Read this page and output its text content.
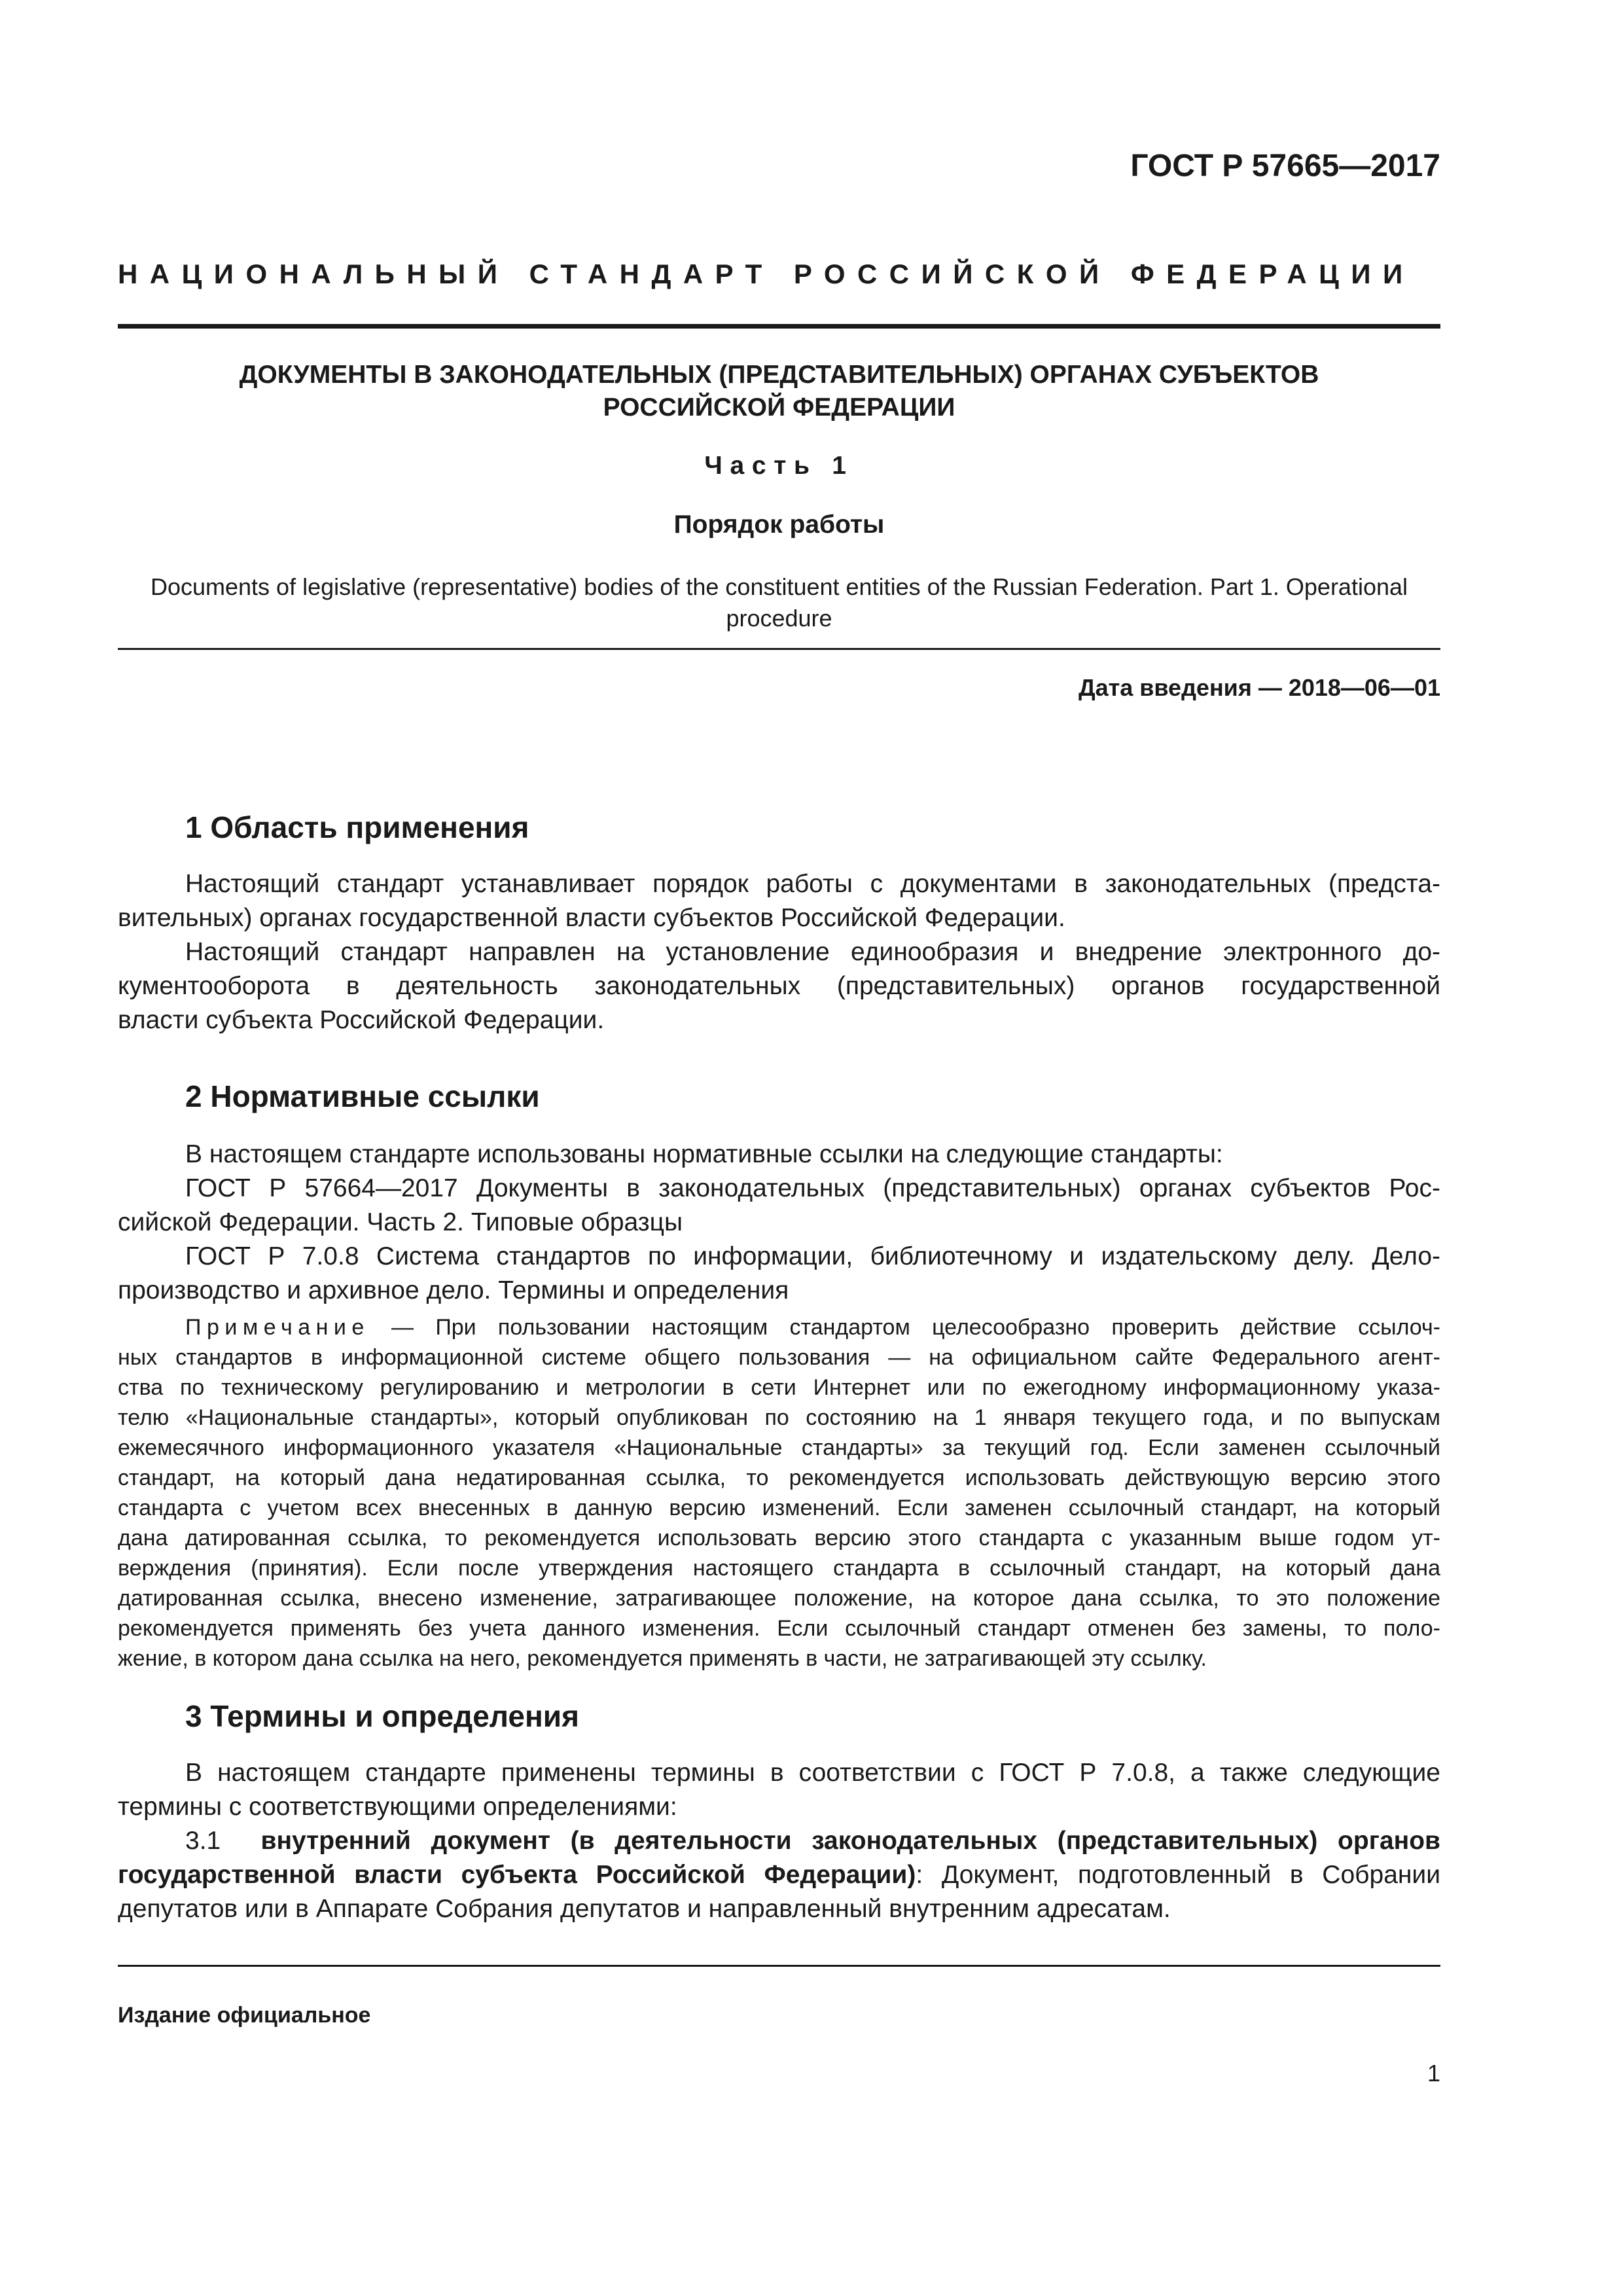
ГОСТ Р 57665—2017
НАЦИОНАЛЬНЫЙ СТАНДАРТ РОССИЙСКОЙ ФЕДЕРАЦИИ
ДОКУМЕНТЫ В ЗАКОНОДАТЕЛЬНЫХ (ПРЕДСТАВИТЕЛЬНЫХ) ОРГАНАХ СУБЪЕКТОВ
РОССИЙСКОЙ ФЕДЕРАЦИИ
Часть 1
Порядок работы
Documents of legislative (representative) bodies of the constituent entities of the Russian Federation. Part 1. Operational
procedure
Дата введения — 2018—06—01
1 Область применения
Настоящий стандарт устанавливает порядок работы с документами в законодательных (предста-
вительных) органах государственной власти субъектов Российской Федерации.
Настоящий стандарт направлен на установление единообразия и внедрение электронного до-
кументооборота в деятельность законодательных (представительных) органов государственной
власти субъекта Российской Федерации.
2 Нормативные ссылки
В настоящем стандарте использованы нормативные ссылки на следующие стандарты:
ГОСТ Р 57664—2017 Документы в законодательных (представительных) органах субъектов Рос-
сийской Федерации. Часть 2. Типовые образцы
ГОСТ Р 7.0.8 Система стандартов по информации, библиотечному и издательскому делу. Дело-
производство и архивное дело. Термины и определения
Примечание — При пользовании настоящим стандартом целесообразно проверить действие ссылоч-
ных стандартов в информационной системе общего пользования — на официальном сайте Федерального агент-
ства по техническому регулированию и метрологии в сети Интернет или по ежегодному информационному указа-
телю «Национальные стандарты», который опубликован по состоянию на 1 января текущего года, и по выпускам
ежемесячного информационного указателя «Национальные стандарты» за текущий год. Если заменен ссылочный
стандарт, на который дана недатированная ссылка, то рекомендуется использовать действующую версию этого
стандарта с учетом всех внесенных в данную версию изменений. Если заменен ссылочный стандарт, на который
дана датированная ссылка, то рекомендуется использовать версию этого стандарта с указанным выше годом ут-
верждения (принятия). Если после утверждения настоящего стандарта в ссылочный стандарт, на который дана
датированная ссылка, внесено изменение, затрагивающее положение, на которое дана ссылка, то это положение
рекомендуется применять без учета данного изменения. Если ссылочный стандарт отменен без замены, то поло-
жение, в котором дана ссылка на него, рекомендуется применять в части, не затрагивающей эту ссылку.
3 Термины и определения
В настоящем стандарте применены термины в соответствии с ГОСТ Р 7.0.8, а также следующие
термины с соответствующими определениями:
3.1 внутренний документ (в деятельности законодательных (представительных) органов
государственной власти субъекта Российской Федерации): Документ, подготовленный в Собрании
депутатов или в Аппарате Собрания депутатов и направленный внутренним адресатам.
Издание официальное
1
